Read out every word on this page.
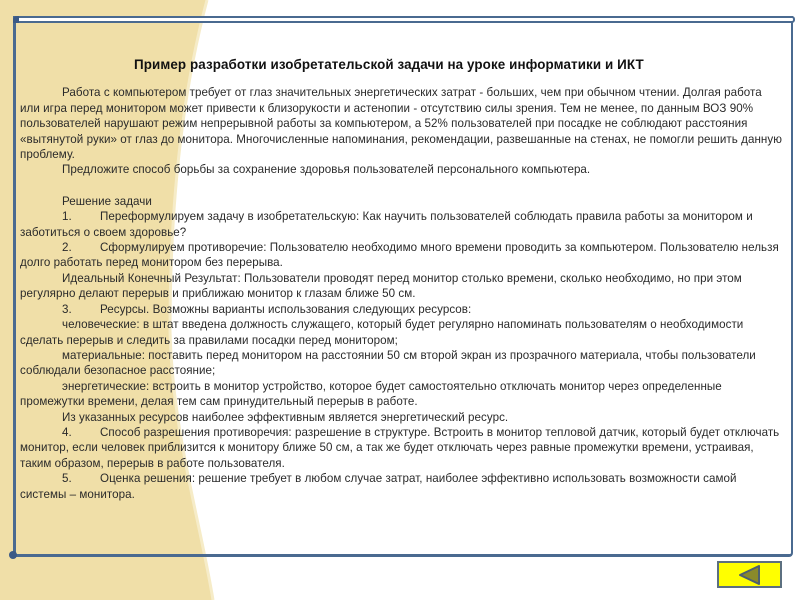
Пример разработки изобретательской задачи на уроке информатики и ИКТ

Работа с компьютером требует от глаз значительных энергетических затрат - больших, чем при обычном чтении. Долгая работа или игра перед монитором может привести к близорукости и астенопии - отсутствию силы зрения. Тем не менее, по данным ВОЗ 90% пользователей нарушают режим непрерывной работы за компьютером, а 52% пользователей при посадке не соблюдают расстояния «вытянутой руки» от глаз до монитора. Многочисленные напоминания, рекомендации, развешанные на стенах, не помогли решить данную проблему.

Предложите способ борьбы за сохранение здоровья пользователей персонального компьютера.

Решение задачи

1. Переформулируем задачу в изобретательскую: Как научить пользователей соблюдать правила работы за монитором и заботиться о своем здоровье?

2. Сформулируем противоречие: Пользователю необходимо много времени проводить за компьютером. Пользователю нельзя долго работать перед монитором без перерыва.

Идеальный Конечный Результат: Пользователи проводят перед монитор столько времени, сколько необходимо, но при этом регулярно делают перерыв и приближаю монитор к глазам ближе 50 см.

3. Ресурсы. Возможны варианты использования следующих ресурсов:

человеческие: в штат введена должность служащего, который будет регулярно напоминать пользователям о необходимости сделать перерыв и следить за правилами посадки перед монитором;

материальные: поставить перед монитором на расстоянии 50 см второй экран из прозрачного материала, чтобы пользователи соблюдали безопасное расстояние;

энергетические: встроить в монитор устройство, которое будет самостоятельно отключать монитор через определенные промежутки времени, делая тем сам принудительный перерыв в работе.

Из указанных ресурсов наиболее эффективным является энергетический ресурс.

4. Способ разрешения противоречия: разрешение в структуре. Встроить в монитор тепловой датчик, который будет отключать монитор, если человек приблизится к монитору ближе 50 см, а так же будет отключать через равные промежутки времени, устраивая, таким образом, перерыв в работе пользователя.

5. Оценка решения: решение требует в любом случае затрат, наиболее эффективно использовать возможности самой системы – монитора.
